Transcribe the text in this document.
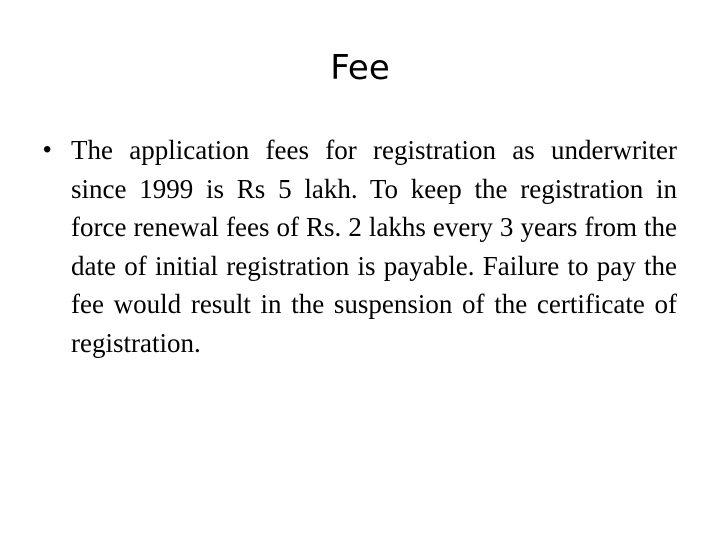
Fee
• The application fees for registration as underwriter since 1999 is Rs 5 lakh. To keep the registration in force renewal fees of Rs. 2 lakhs every 3 years from the date of initial registration is payable. Failure to pay the fee would result in the suspension of the certificate of registration.
